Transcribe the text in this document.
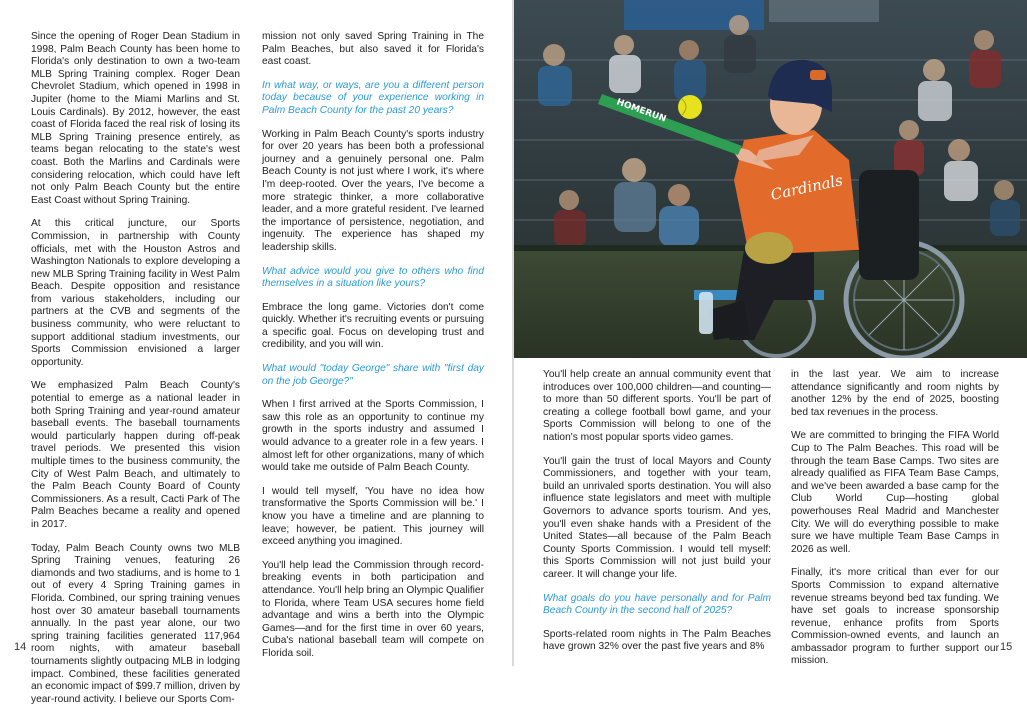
Since the opening of Roger Dean Stadium in 1998, Palm Beach County has been home to Florida's only destination to own a two-team MLB Spring Training complex. Roger Dean Chevrolet Stadium, which opened in 1998 in Jupiter (home to the Miami Marlins and St. Louis Cardinals). By 2012, however, the east coast of Florida faced the real risk of losing its MLB Spring Training presence entirely, as teams began relocating to the state's west coast. Both the Marlins and Cardinals were considering relocation, which could have left not only Palm Beach County but the entire East Coast without Spring Training.

At this critical juncture, our Sports Commission, in partnership with County officials, met with the Houston Astros and Washington Nationals to explore developing a new MLB Spring Training facility in West Palm Beach. Despite opposition and resistance from various stakeholders, including our partners at the CVB and segments of the business community, who were reluctant to support additional stadium investments, our Sports Commission envisioned a larger opportunity.

We emphasized Palm Beach County's potential to emerge as a national leader in both Spring Training and year-round amateur baseball events. The baseball tournaments would particularly happen during off-peak travel periods. We presented this vision multiple times to the business community, the City of West Palm Beach, and ultimately to the Palm Beach County Board of County Commissioners. As a result, Cacti Park of The Palm Beaches became a reality and opened in 2017.

Today, Palm Beach County owns two MLB Spring Training venues, featuring 26 diamonds and two stadiums, and is home to 1 out of every 4 Spring Training games in Florida. Combined, our spring training venues host over 30 amateur baseball tournaments annually. In the past year alone, our two spring training facilities generated 117,964 room nights, with amateur baseball tournaments slightly outpacing MLB in lodging impact. Combined, these facilities generated an economic impact of $99.7 million, driven by year-round activity. I believe our Sports Com-

mission not only saved Spring Training in The Palm Beaches, but also saved it for Florida's east coast.

In what way, or ways, are you a different person today because of your experience working in Palm Beach County for the past 20 years?

Working in Palm Beach County's sports industry for over 20 years has been both a professional journey and a genuinely personal one. Palm Beach County is not just where I work, it's where I'm deep-rooted. Over the years, I've become a more strategic thinker, a more collaborative leader, and a more grateful resident. I've learned the importance of persistence, negotiation, and ingenuity. The experience has shaped my leadership skills.

What advice would you give to others who find themselves in a situation like yours?

Embrace the long game. Victories don't come quickly. Whether it's recruiting events or pursuing a specific goal. Focus on developing trust and credibility, and you will win.

What would "today George" share with "first day on the job George?"

When I first arrived at the Sports Commission, I saw this role as an opportunity to continue my growth in the sports industry and assumed I would advance to a greater role in a few years. I almost left for other organizations, many of which would take me outside of Palm Beach County.

I would tell myself, 'You have no idea how transformative the Sports Commission will be.' I know you have a timeline and are planning to leave; however, be patient. This journey will exceed anything you imagined.

You'll help lead the Commission through record-breaking events in both participation and attendance. You'll help bring an Olympic Qualifier to Florida, where Team USA secures home field advantage and wins a berth into the Olympic Games—and for the first time in over 60 years, Cuba's national baseball team will compete on Florida soil.

14
Cardinals
HOMERUN

You'll help create an annual community event that introduces over 100,000 children—and counting—to more than 50 different sports. You'll be part of creating a college football bowl game, and your Sports Commission will belong to one of the nation's most popular sports video games.

You'll gain the trust of local Mayors and County Commissioners, and together with your team, build an unrivaled sports destination. You will also influence state legislators and meet with multiple Governors to advance sports tourism. And yes, you'll even shake hands with a President of the United States—all because of the Palm Beach County Sports Commission. I would tell myself: this Sports Commission will not just build your career. It will change your life.

What goals do you have personally and for Palm Beach County in the second half of 2025?

Sports-related room nights in The Palm Beaches have grown 32% over the past five years and 8%

in the last year. We aim to increase attendance significantly and room nights by another 12% by the end of 2025, boosting bed tax revenues in the process.

We are committed to bringing the FIFA World Cup to The Palm Beaches. This road will be through the team Base Camps. Two sites are already qualified as FIFA Team Base Camps, and we've been awarded a base camp for the Club World Cup—hosting global powerhouses Real Madrid and Manchester City. We will do everything possible to make sure we have multiple Team Base Camps in 2026 as well.

Finally, it's more critical than ever for our Sports Commission to expand alternative revenue streams beyond bed tax funding. We have set goals to increase sponsorship revenue, enhance profits from Sports Commission-owned events, and launch an ambassador program to further support our mission.

15
